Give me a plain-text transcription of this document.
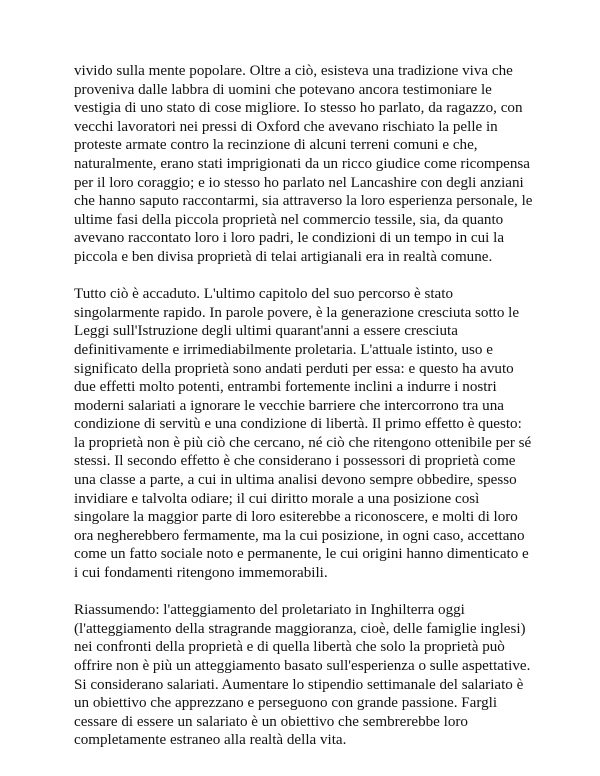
vivido sulla mente popolare. Oltre a ciò, esisteva una tradizione viva che
proveniva dalle labbra di uomini che potevano ancora testimoniare le
vestigia di uno stato di cose migliore. Io stesso ho parlato, da ragazzo, con
vecchi lavoratori nei pressi di Oxford che avevano rischiato la pelle in
proteste armate contro la recinzione di alcuni terreni comuni e che,
naturalmente, erano stati imprigionati da un ricco giudice come ricompensa
per il loro coraggio; e io stesso ho parlato nel Lancashire con degli anziani
che hanno saputo raccontarmi, sia attraverso la loro esperienza personale, le
ultime fasi della piccola proprietà nel commercio tessile, sia, da quanto
avevano raccontato loro i loro padri, le condizioni di un tempo in cui la
piccola e ben divisa proprietà di telai artigianali era in realtà comune.

Tutto ciò è accaduto. L'ultimo capitolo del suo percorso è stato
singolarmente rapido. In parole povere, è la generazione cresciuta sotto le
Leggi sull'Istruzione degli ultimi quarant'anni a essere cresciuta
definitivamente e irrimediabilmente proletaria. L'attuale istinto, uso e
significato della proprietà sono andati perduti per essa: e questo ha avuto
due effetti molto potenti, entrambi fortemente inclini a indurre i nostri
moderni salariati a ignorare le vecchie barriere che intercorrono tra una
condizione di servitù e una condizione di libertà. Il primo effetto è questo:
la proprietà non è più ciò che cercano, né ciò che ritengono ottenibile per sé
stessi. Il secondo effetto è che considerano i possessori di proprietà come
una classe a parte, a cui in ultima analisi devono sempre obbedire, spesso
invidiare e talvolta odiare; il cui diritto morale a una posizione così
singolare la maggior parte di loro esiterebbe a riconoscere, e molti di loro
ora negherebbero fermamente, ma la cui posizione, in ogni caso, accettano
come un fatto sociale noto e permanente, le cui origini hanno dimenticato e
i cui fondamenti ritengono immemorabili.

Riassumendo: l'atteggiamento del proletariato in Inghilterra oggi
(l'atteggiamento della stragrande maggioranza, cioè, delle famiglie inglesi)
nei confronti della proprietà e di quella libertà che solo la proprietà può
offrire non è più un atteggiamento basato sull'esperienza o sulle aspettative.
Si considerano salariati. Aumentare lo stipendio settimanale del salariato è
un obiettivo che apprezzano e perseguono con grande passione. Fargli
cessare di essere un salariato è un obiettivo che sembrerebbe loro
completamente estraneo alla realtà della vita.
